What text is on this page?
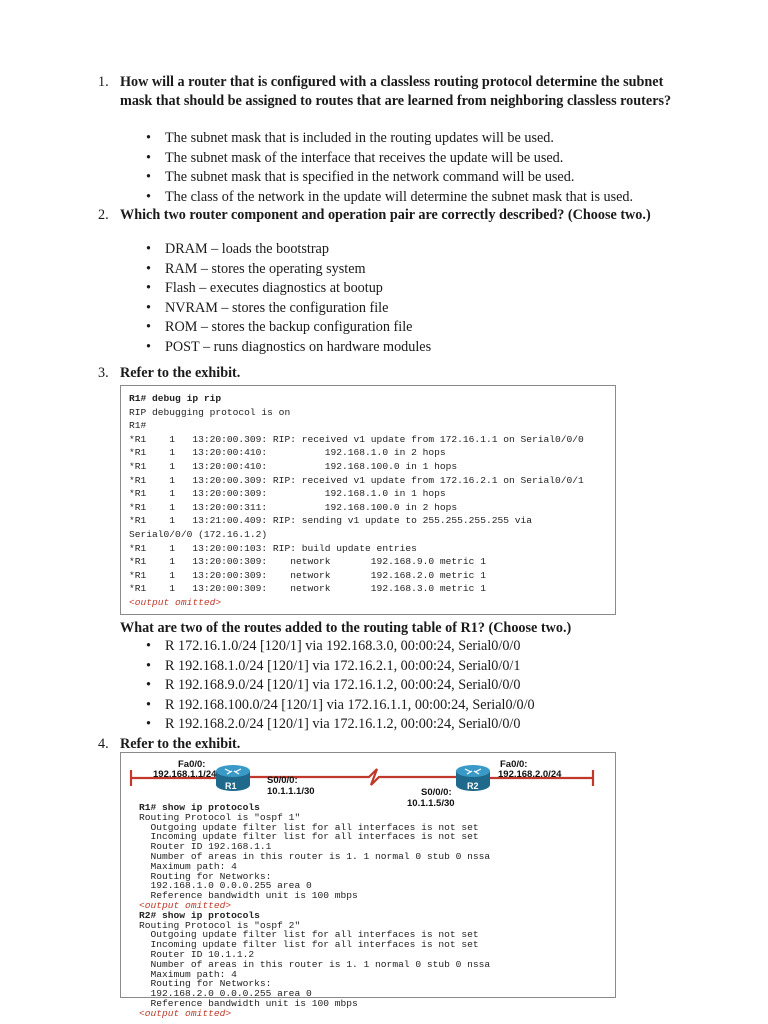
1. How will a router that is configured with a classless routing protocol determine the subnet mask that should be assigned to routes that are learned from neighboring classless routers?
• The subnet mask that is included in the routing updates will be used.
• The subnet mask of the interface that receives the update will be used.
• The subnet mask that is specified in the network command will be used.
• The class of the network in the update will determine the subnet mask that is used.
2. Which two router component and operation pair are correctly described? (Choose two.)
• DRAM – loads the bootstrap
• RAM – stores the operating system
• Flash – executes diagnostics at bootup
• NVRAM – stores the configuration file
• ROM – stores the backup configuration file
• POST – runs diagnostics on hardware modules
3. Refer to the exhibit.
R1# debug ip rip
RIP debugging protocol is on
R1#
*R1    1   13:20:00.309: RIP: received v1 update from 172.16.1.1 on Serial0/0/0
*R1    1   13:20:00:410:          192.168.1.0 in 2 hops
*R1    1   13:20:00:410:          192.168.100.0 in 1 hops
*R1    1   13:20:00.309: RIP: received v1 update from 172.16.2.1 on Serial0/0/1
*R1    1   13:20:00:309:          192.168.1.0 in 1 hops
*R1    1   13:20:00:311:          192.168.100.0 in 2 hops
*R1    1   13:21:00.409: RIP: sending v1 update to 255.255.255.255 via
Serial0/0/0 (172.16.1.2)
*R1    1   13:20:00:103: RIP: build update entries
*R1    1   13:20:00:309:    network       192.168.9.0 metric 1
*R1    1   13:20:00:309:    network       192.168.2.0 metric 1
*R1    1   13:20:00:309:    network       192.168.3.0 metric 1
<output omitted>
What are two of the routes added to the routing table of R1? (Choose two.)
• R 172.16.1.0/24 [120/1] via 192.168.3.0, 00:00:24, Serial0/0/0
• R 192.168.1.0/24 [120/1] via 172.16.2.1, 00:00:24, Serial0/0/1
• R 192.168.9.0/24 [120/1] via 172.16.1.2, 00:00:24, Serial0/0/0
• R 192.168.100.0/24 [120/1] via 172.16.1.1, 00:00:24, Serial0/0/0
• R 192.168.2.0/24 [120/1] via 172.16.1.2, 00:00:24, Serial0/0/0
4. Refer to the exhibit.
R1	R2
Fa0/0:
192.168.1.1/24
S0/0/0:
10.1.1.1/30
Fa0/0:
192.168.2.0/24
S0/0/0:
10.1.1.5/30
R1# show ip protocols
Routing Protocol is "ospf 1"
Outgoing update filter list for all interfaces is not set
Incoming update filter list for all interfaces is not set
Router ID 192.168.1.1
Number of areas in this router is 1. 1 normal 0 stub 0 nssa
Maximum path: 4
Routing for Networks:
192.168.1.0 0.0.0.255 area 0
Reference bandwidth unit is 100 mbps
<output omitted>
R2# show ip protocols
Routing Protocol is "ospf 2"
Outgoing update filter list for all interfaces is not set
Incoming update filter list for all interfaces is not set
Router ID 10.1.1.2
Number of areas in this router is 1. 1 normal 0 stub 0 nssa
Maximum path: 4
Routing for Networks:
192.168.2.0 0.0.0.255 area 0
Reference bandwidth unit is 100 mbps
<output omitted>
